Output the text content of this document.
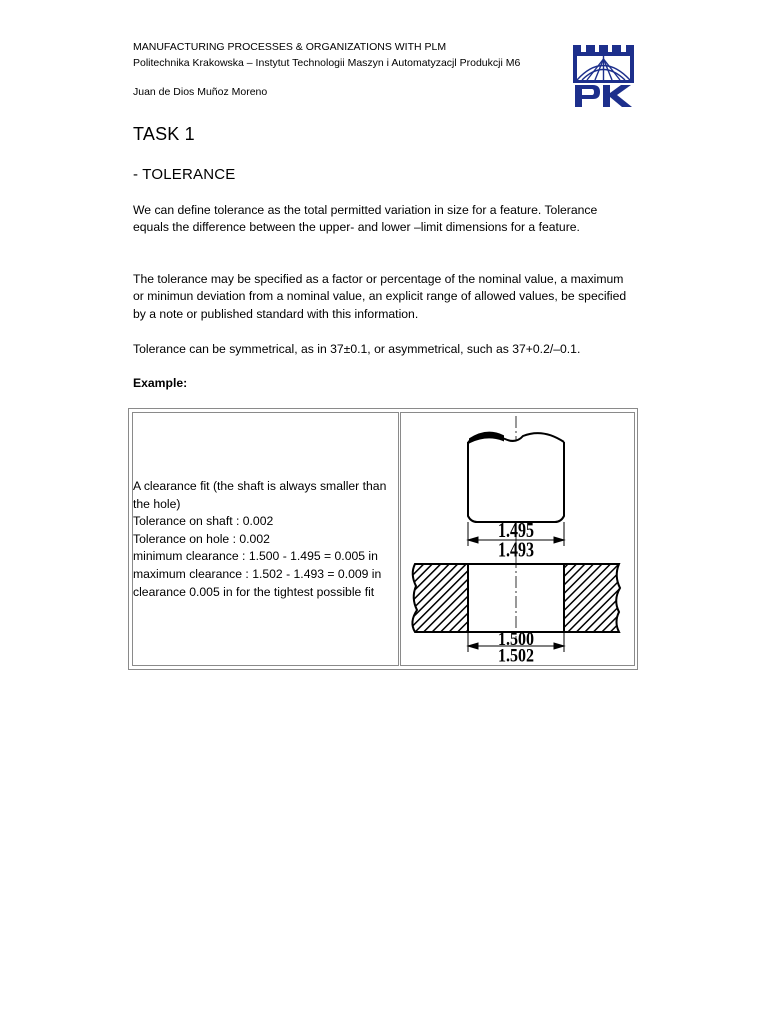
MANUFACTURING PROCESSES & ORGANIZATIONS WITH PLM
Politechnika Krakowska – Instytut Technologii Maszyn i Automatyzacjl Produkcji M6
Juan de Dios Muñoz Moreno
TASK 1
- TOLERANCE

We can define tolerance as the total permitted variation in size for a feature. Tolerance equals the difference between the upper- and lower –limit dimensions for a feature.

The tolerance may be specified as a factor or percentage of the nominal value, a maximum or minimun deviation from a nominal value, an explicit range of allowed values, be specified by a note or published standard with this information.

Tolerance can be symmetrical, as in 37±0.1, or asymmetrical, such as 37+0.2/–0.1.

Example:

A clearance fit (the shaft is always smaller than the hole)
Tolerance on shaft : 0.002
Tolerance on hole : 0.002
minimum clearance : 1.500 - 1.495 = 0.005 in
maximum clearance : 1.502 - 1.493 = 0.009 in
clearance 0.005 in for the tightest possible fit
1.495
1.493
1.500
1.502
